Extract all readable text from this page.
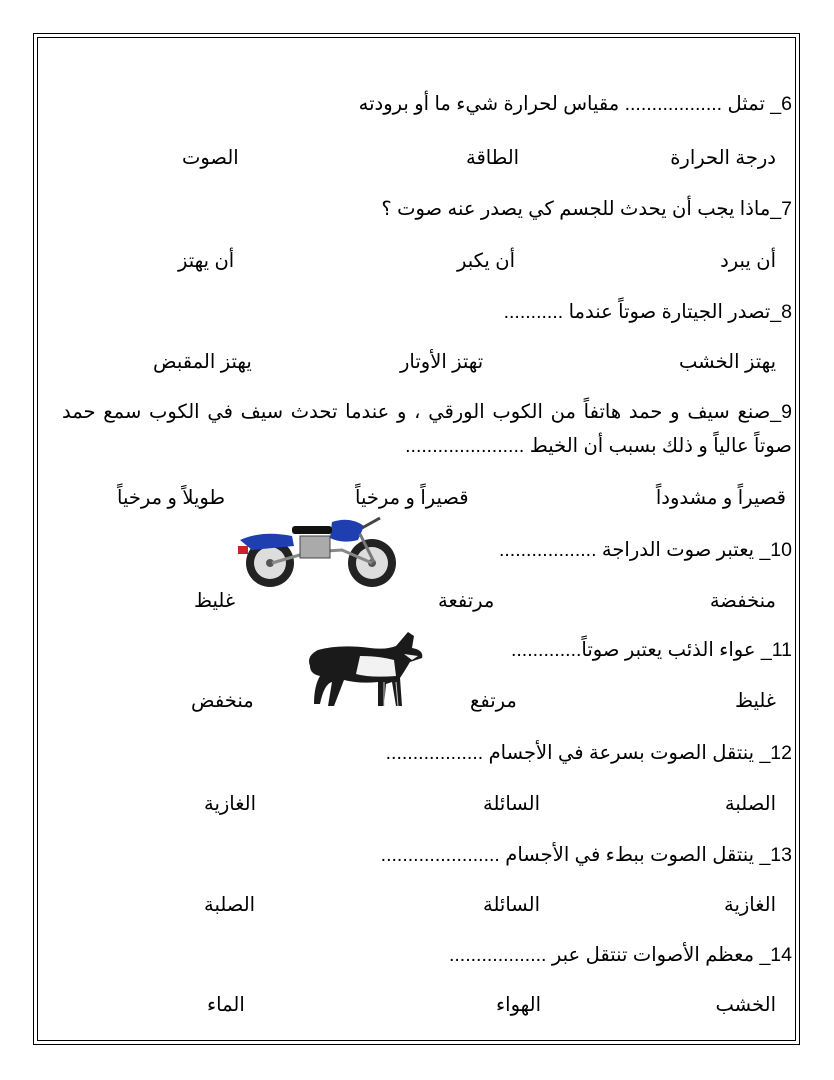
6_ تمثل .................. مقياس لحرارة شيء ما أو برودته
درجة الحرارة
الطاقة
الصوت
7_ماذا يجب أن يحدث للجسم كي يصدر عنه صوت ؟
أن يبرد
أن يكبر
أن يهتز
8_تصدر الجيتارة صوتاً عندما ...........
يهتز الخشب
تهتز الأوتار
يهتز المقبض
9_صنع سيف و حمد هاتفاً من الكوب الورقي ، و عندما تحدث سيف في الكوب سمع حمد صوتاً عالياً و ذلك بسبب أن الخيط ......................
قصيراً و مشدوداً
قصيراً و مرخياً
طويلاً و مرخياً
10_ يعتبر صوت الدراجة ..................
منخفضة
مرتفعة
غليظ
11_ عواء الذئب يعتبر صوتاً.............
غليظ
مرتفع
منخفض
12_ ينتقل الصوت بسرعة في الأجسام ..................
الصلبة
السائلة
الغازية
13_ ينتقل الصوت ببطء في الأجسام ......................
الغازية
السائلة
الصلبة
14_ معظم الأصوات تنتقل عبر ..................
الخشب
الهواء
الماء
